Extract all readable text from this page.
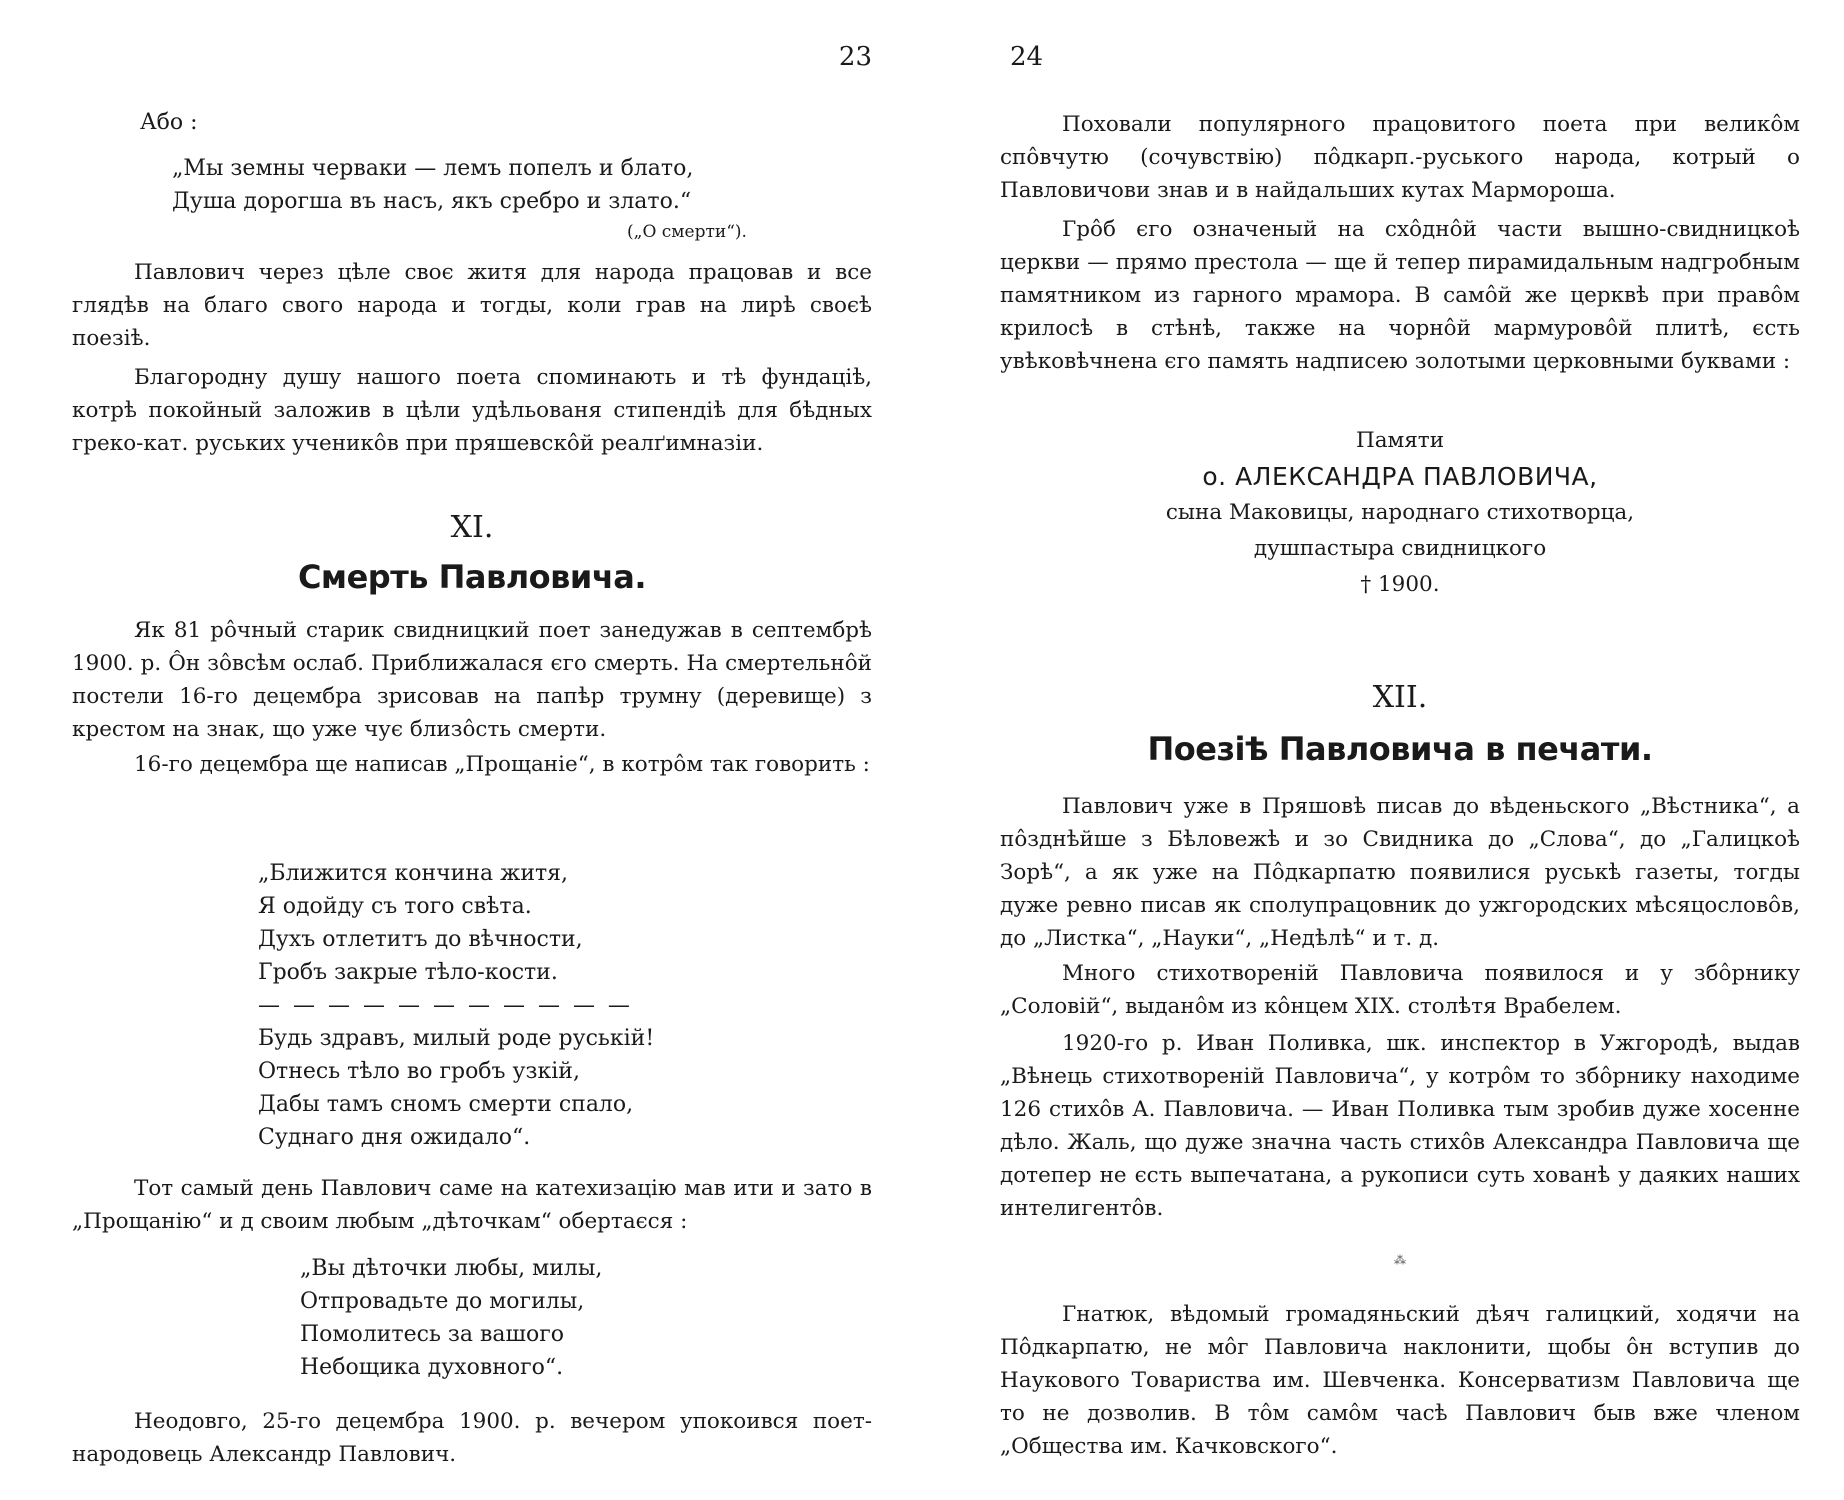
23
Або :
„Мы земны черваки — лемъ попелъ и блато,
Душа дорогша въ насъ, якъ сребро и злато.“
(„О смерти“).

Павлович через цѣле своє житя для народа працовав и все глядѣв на благо свого народа и тогды, коли грав на лирѣ своєѣ поезіѣ.

Благородну душу нашого поета споминають и тѣ фундаціѣ, котрѣ покойный заложив в цѣли удѣльованя стипендіѣ для бѣдных греко-кат. руських ученикôв при пряшевскôй реалґимназіи.

XI.
Смерть Павловича.

Як 81 рôчный старик свидницкий поет занедужав в септембрѣ 1900. р. Ôн зôвсѣм ослаб. Приближалася єго смерть. На смертельнôй постели 16-го децембра зрисовав на папѣр трумну (деревище) з крестом на знак, що уже чує близôсть смерти.

16-го децембра ще написав „Прощаніе“, в котрôм так говорить :

„Ближится кончина житя,
Я одойду съ того свѣта.
Духъ отлетитъ до вѣчности,
Гробъ закрые тѣло-кости.
— — — — — — — — — — —
Будь здравъ, милый роде руськiй!
Отнесь тѣло во гробъ узкій,
Дабы тамъ сномъ смерти спало,
Суднаго дня ожидало“.

Тот самый день Павлович саме на катехизацію мав ити и зато в „Прощанію“ и д своим любым „дѣточкам“ обертаєся :

„Вы дѣточки любы, милы,
Отпровадьте до могилы,
Помолитесь за вашого
Небощика духовного“.

Неодовго, 25-го децембра 1900. р. вечером упокоився поет-народовець Александр Павлович.

24

Поховали популярного працовитого поета при великôм спôвчутю (сочувствію) пôдкарп.-руського народа, котрый о Павловичови знав и в найдальших кутах Мармороша.

Грôб єго означеный на схôднôй части вышно-свидницкоѣ церкви — прямо престола — ще й тепер пирамидальным надгробным памятником из гарного мрамора. В самôй же церквѣ при правôм крилосѣ в стѣнѣ, также на чорнôй мармуровôй плитѣ, єсть увѣковѣчнена єго память надписею золотыми церковными буквами :

Памяти
о. АЛЕКСАНДРА ПАВЛОВИЧА,
сына Маковицы, народнаго стихотворца,
душпастыра свидницкого
† 1900.
XII.
Поезіѣ Павловича в печати.

Павлович уже в Пряшовѣ писав до вѣденьского „Вѣстника“, а пôзднѣйше з Бѣловежѣ и зо Свидника до „Слова“, до „Галицкоѣ Зорѣ“, а як уже на Пôдкарпатю появилися руськѣ газеты, тогды дуже ревно писав як сполупрацовник до ужгородских мѣсяцословôв, до „Листка“, „Науки“, „Недѣлѣ“ и т. д.

Много стихотвореній Павловича появилося и у збôрнику „Соловій“, выданôм из кôнцем XIX. столѣтя Врабелем.

1920-го р. Иван Поливка, шк. инспектор в Ужгородѣ, выдав „Вѣнець стихотвореній Павловича“, у котрôм то збôрнику находиме 126 стихôв А. Павловича. — Иван Поливка тым зробив дуже хосенне дѣло. Жаль, що дуже значна часть стихôв Александра Павловича ще дотепер не єсть выпечатана, а рукописи суть хованѣ у даяких наших интелигентôв.

⁂

Гнатюк, вѣдомый громадяньский дѣяч галицкий, ходячи на Пôдкарпатю, не мôг Павловича наклонити, щобы ôн вступив до Наукового Товариства им. Шевченка. Консерватизм Павловича ще то не дозволив. В тôм самôм часѣ Павлович быв вже членом „Общества им. Качковского“.
